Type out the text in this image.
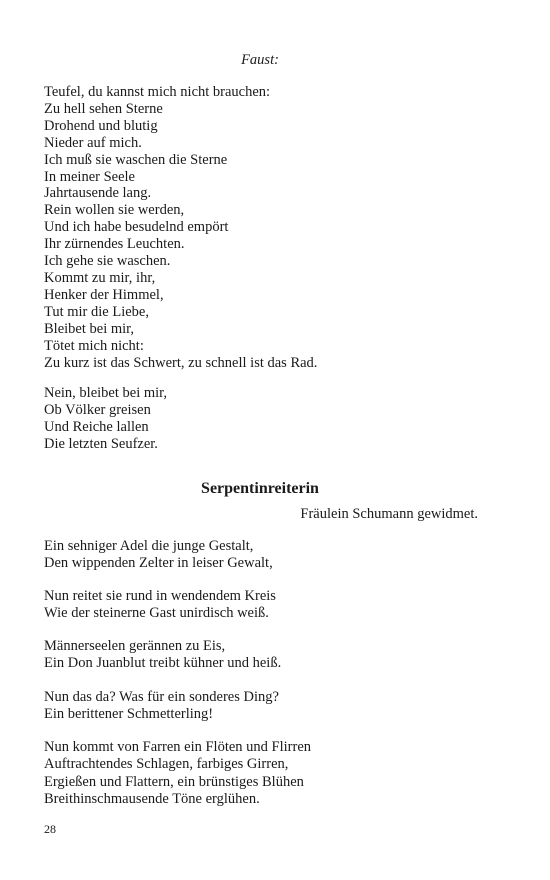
Faust:
Teufel, du kannst mich nicht brauchen:
Zu hell sehen Sterne
Drohend und blutig
Nieder auf mich.
Ich muß sie waschen die Sterne
In meiner Seele
Jahrtausende lang.
Rein wollen sie werden,
Und ich habe besudelnd empört
Ihr zürnendes Leuchten.
Ich gehe sie waschen.
Kommt zu mir, ihr,
Henker der Himmel,
Tut mir die Liebe,
Bleibet bei mir,
Tötet mich nicht:
Zu kurz ist das Schwert, zu schnell ist das Rad.
Nein, bleibet bei mir,
Ob Völker greisen
Und Reiche lallen
Die letzten Seufzer.
Serpentinreiterin
Fräulein Schumann gewidmet.
Ein sehniger Adel die junge Gestalt,
Den wippenden Zelter in leiser Gewalt,
Nun reitet sie rund in wendendem Kreis
Wie der steinerne Gast unirdisch weiß.
Männerseelen gerännen zu Eis,
Ein Don Juanblut treibt kühner und heiß.
Nun das da? Was für ein sonderes Ding?
Ein berittener Schmetterling!
Nun kommt von Farren ein Flöten und Flirren
Auftrachtendes Schlagen, farbiges Girren,
Ergießen und Flattern, ein brünstiges Blühen
Breithinschmausende Töne erglühen.
28
